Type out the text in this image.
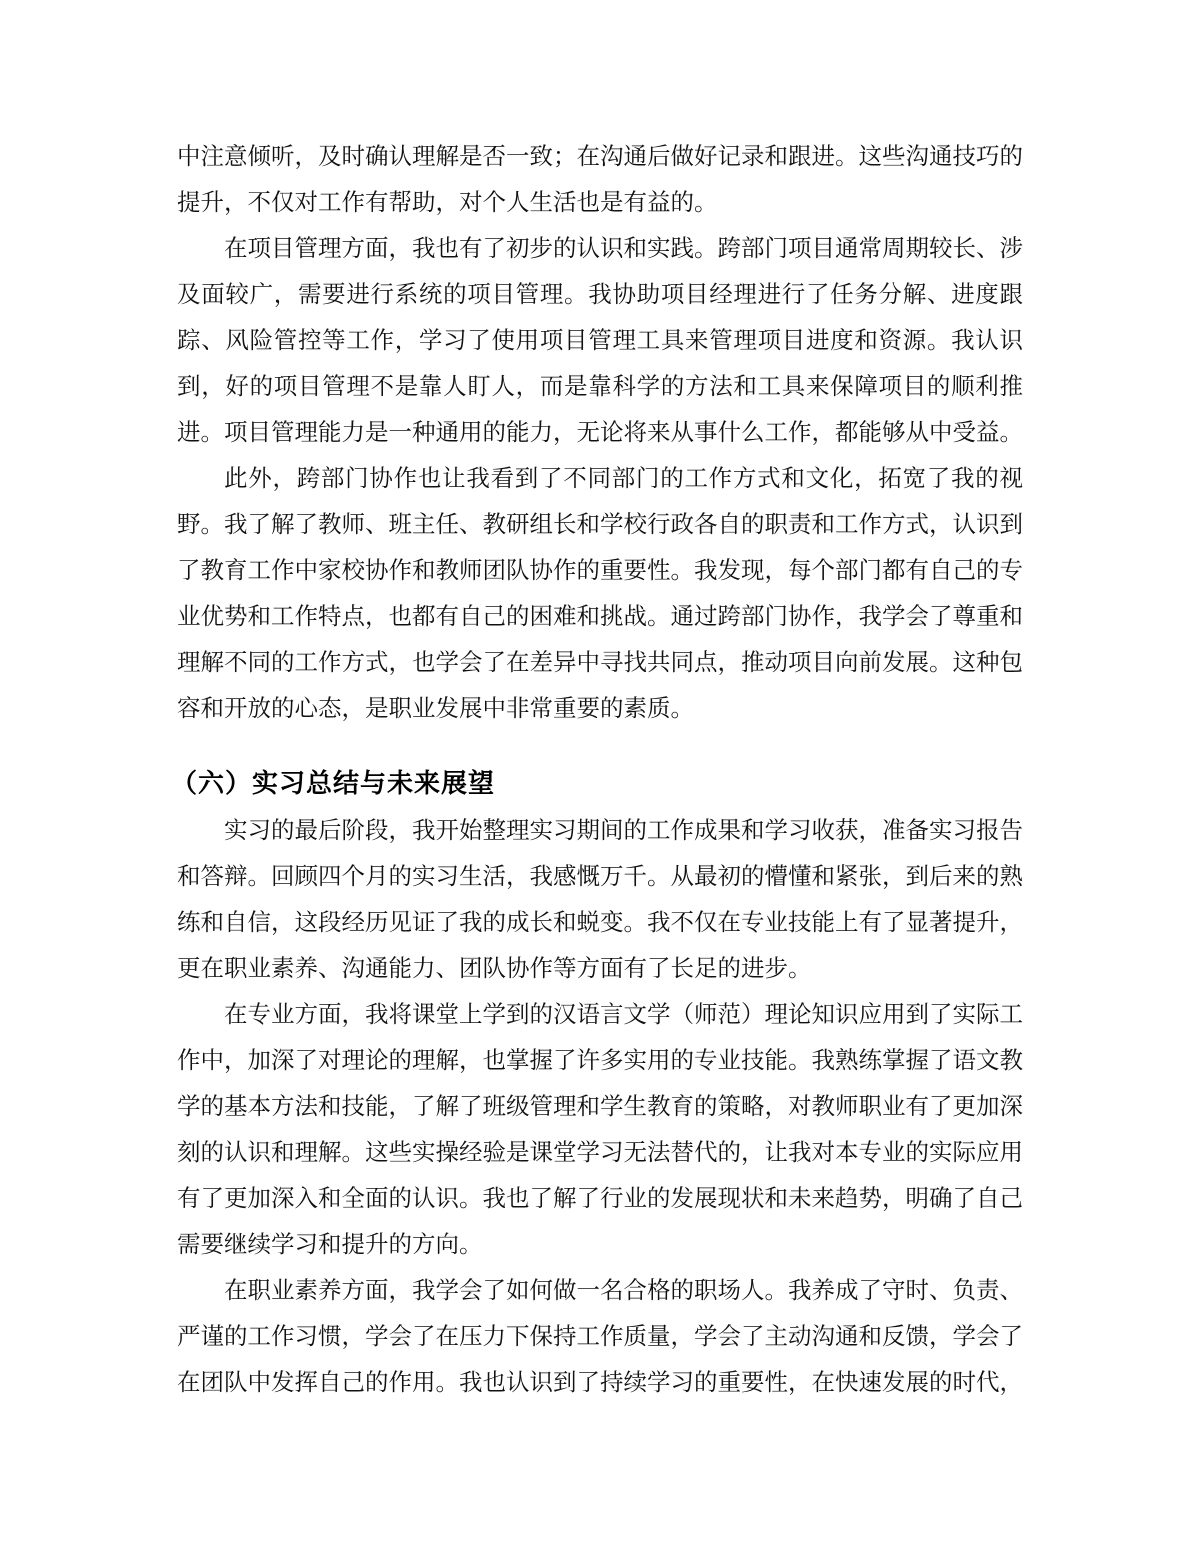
中注意倾听，及时确认理解是否一致；在沟通后做好记录和跟进。这些沟通技巧的提升，不仅对工作有帮助，对个人生活也是有益的。

在项目管理方面，我也有了初步的认识和实践。跨部门项目通常周期较长、涉及面较广，需要进行系统的项目管理。我协助项目经理进行了任务分解、进度跟踪、风险管控等工作，学习了使用项目管理工具来管理项目进度和资源。我认识到，好的项目管理不是靠人盯人，而是靠科学的方法和工具来保障项目的顺利推进。项目管理能力是一种通用的能力，无论将来从事什么工作，都能够从中受益。

此外，跨部门协作也让我看到了不同部门的工作方式和文化，拓宽了我的视野。我了解了教师、班主任、教研组长和学校行政各自的职责和工作方式，认识到了教育工作中家校协作和教师团队协作的重要性。我发现，每个部门都有自己的专业优势和工作特点，也都有自己的困难和挑战。通过跨部门协作，我学会了尊重和理解不同的工作方式，也学会了在差异中寻找共同点，推动项目向前发展。这种包容和开放的心态，是职业发展中非常重要的素质。

（六）实习总结与未来展望

实习的最后阶段，我开始整理实习期间的工作成果和学习收获，准备实习报告和答辩。回顾四个月的实习生活，我感慨万千。从最初的懵懂和紧张，到后来的熟练和自信，这段经历见证了我的成长和蜕变。我不仅在专业技能上有了显著提升，更在职业素养、沟通能力、团队协作等方面有了长足的进步。

在专业方面，我将课堂上学到的汉语言文学（师范）理论知识应用到了实际工作中，加深了对理论的理解，也掌握了许多实用的专业技能。我熟练掌握了语文教学的基本方法和技能，了解了班级管理和学生教育的策略，对教师职业有了更加深刻的认识和理解。这些实操经验是课堂学习无法替代的，让我对本专业的实际应用有了更加深入和全面的认识。我也了解了行业的发展现状和未来趋势，明确了自己需要继续学习和提升的方向。

在职业素养方面，我学会了如何做一名合格的职场人。我养成了守时、负责、严谨的工作习惯，学会了在压力下保持工作质量，学会了主动沟通和反馈，学会了在团队中发挥自己的作用。我也认识到了持续学习的重要性，在快速发展的时代，
